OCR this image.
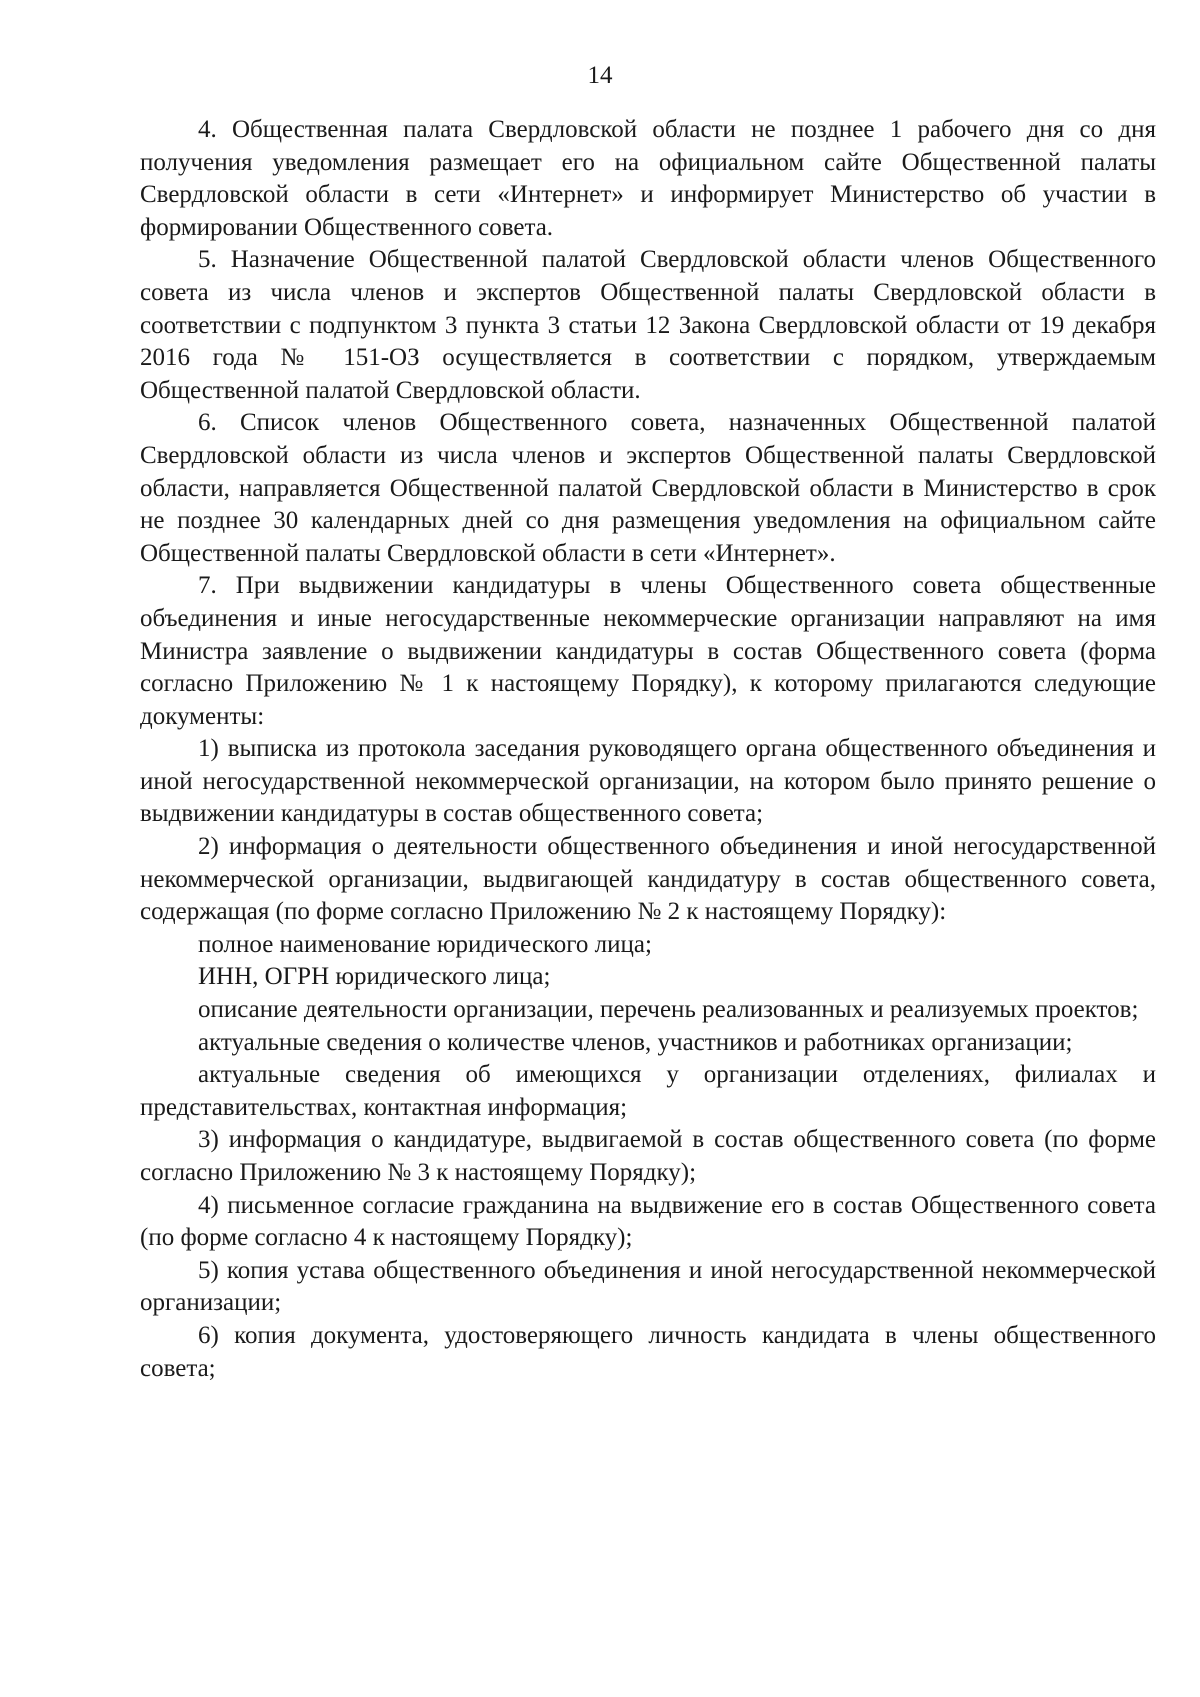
14

4. Общественная палата Свердловской области не позднее 1 рабочего дня со дня получения уведомления размещает его на официальном сайте Общественной палаты Свердловской области в сети «Интернет» и информирует Министерство об участии в формировании Общественного совета.

5. Назначение Общественной палатой Свердловской области членов Общественного совета из числа членов и экспертов Общественной палаты Свердловской области в соответствии с подпунктом 3 пункта 3 статьи 12 Закона Свердловской области от 19 декабря 2016 года № 151-ОЗ осуществляется в соответствии с порядком, утверждаемым Общественной палатой Свердловской области.

6. Список членов Общественного совета, назначенных Общественной палатой Свердловской области из числа членов и экспертов Общественной палаты Свердловской области, направляется Общественной палатой Свердловской области в Министерство в срок не позднее 30 календарных дней со дня размещения уведомления на официальном сайте Общественной палаты Свердловской области в сети «Интернет».

7. При выдвижении кандидатуры в члены Общественного совета общественные объединения и иные негосударственные некоммерческие организации направляют на имя Министра заявление о выдвижении кандидатуры в состав Общественного совета (форма согласно Приложению № 1 к настоящему Порядку), к которому прилагаются следующие документы:

1) выписка из протокола заседания руководящего органа общественного объединения и иной негосударственной некоммерческой организации, на котором было принято решение о выдвижении кандидатуры в состав общественного совета;

2) информация о деятельности общественного объединения и иной негосударственной некоммерческой организации, выдвигающей кандидатуру в состав общественного совета, содержащая (по форме согласно Приложению № 2 к настоящему Порядку):

полное наименование юридического лица;

ИНН, ОГРН юридического лица;

описание деятельности организации, перечень реализованных и реализуемых проектов;

актуальные сведения о количестве членов, участников и работниках организации;

актуальные сведения об имеющихся у организации отделениях, филиалах и представительствах, контактная информация;

3) информация о кандидатуре, выдвигаемой в состав общественного совета (по форме согласно Приложению № 3 к настоящему Порядку);

4) письменное согласие гражданина на выдвижение его в состав Общественного совета (по форме согласно 4 к настоящему Порядку);

5) копия устава общественного объединения и иной негосударственной некоммерческой организации;

6) копия документа, удостоверяющего личность кандидата в члены общественного совета;
